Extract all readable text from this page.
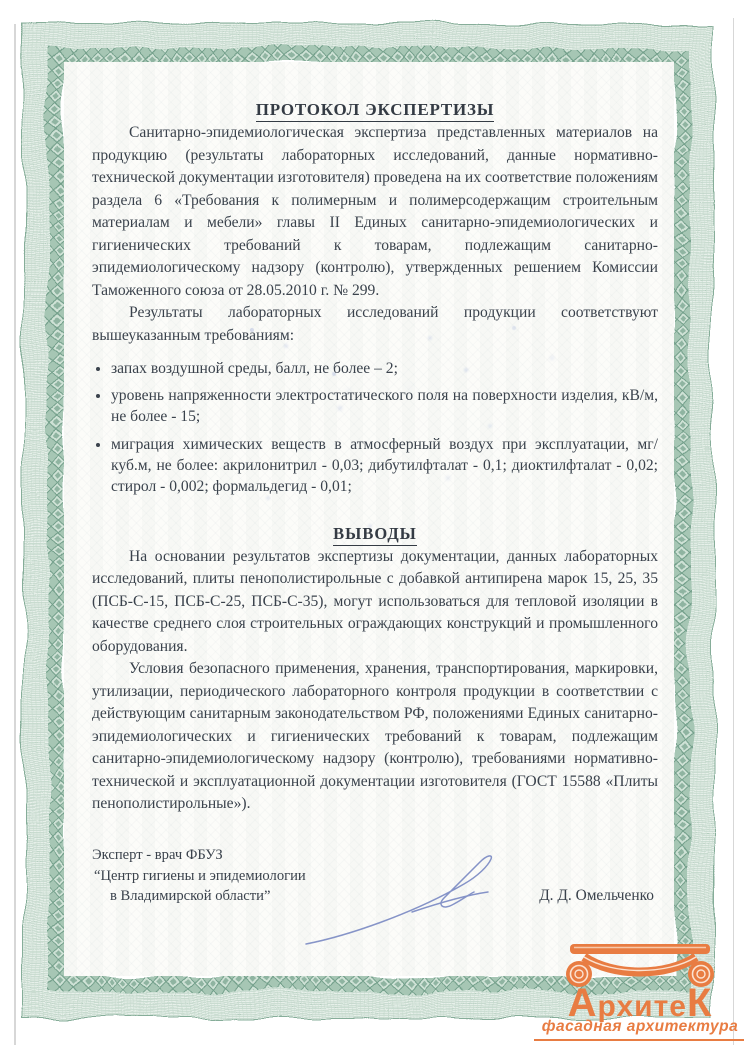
ПРОТОКОЛ ЭКСПЕРТИЗЫ

Санитарно-эпидемиологическая экспертиза представленных материалов на продукцию (результаты лабораторных исследований, данные нормативно-технической документации изготовителя) проведена на их соответствие положениям раздела 6 «Требования к полимерным и полимерсодержащим строительным материалам и мебели» главы II Единых санитарно-эпидемиологических и гигиенических требований к товарам, подлежащим санитарно-эпидемиологическому надзору (контролю), утвержденных решением Комиссии Таможенного союза от 28.05.2010 г. № 299.

Результаты лабораторных исследований продукции соответствуют вышеуказанным требованиям:

• запах воздушной среды, балл, не более – 2;
• уровень напряженности электростатического поля на поверхности изделия, кВ/м, не более - 15;
• миграция химических веществ в атмосферный воздух при эксплуатации, мг/куб.м, не более: акрилонитрил - 0,03; дибутилфталат - 0,1; диоктилфталат - 0,02; стирол - 0,002; формальдегид - 0,01;
ВЫВОДЫ

На основании результатов экспертизы документации, данных лабораторных исследований, плиты пенополистирольные с добавкой антипирена марок 15, 25, 35 (ПСБ-С-15, ПСБ-С-25, ПСБ-С-35), могут использоваться для тепловой изоляции в качестве среднего слоя строительных ограждающих конструкций и промышленного оборудования.

Условия безопасного применения, хранения, транспортирования, маркировки, утилизации, периодического лабораторного контроля продукции в соответствии с действующим санитарным законодательством РФ, положениями Единых санитарно-эпидемиологических и гигиенических требований к товарам, подлежащим санитарно-эпидемиологическому надзору (контролю), требованиями нормативно-технической и эксплуатационной документации изготовителя (ГОСТ 15588 «Плиты пенополистирольные»).

Эксперт - врач ФБУЗ
“Центр гигиены и эпидемиологии
в Владимирской области”	Д. Д. Омельченко
АрхитеК
фасадная архитектура
